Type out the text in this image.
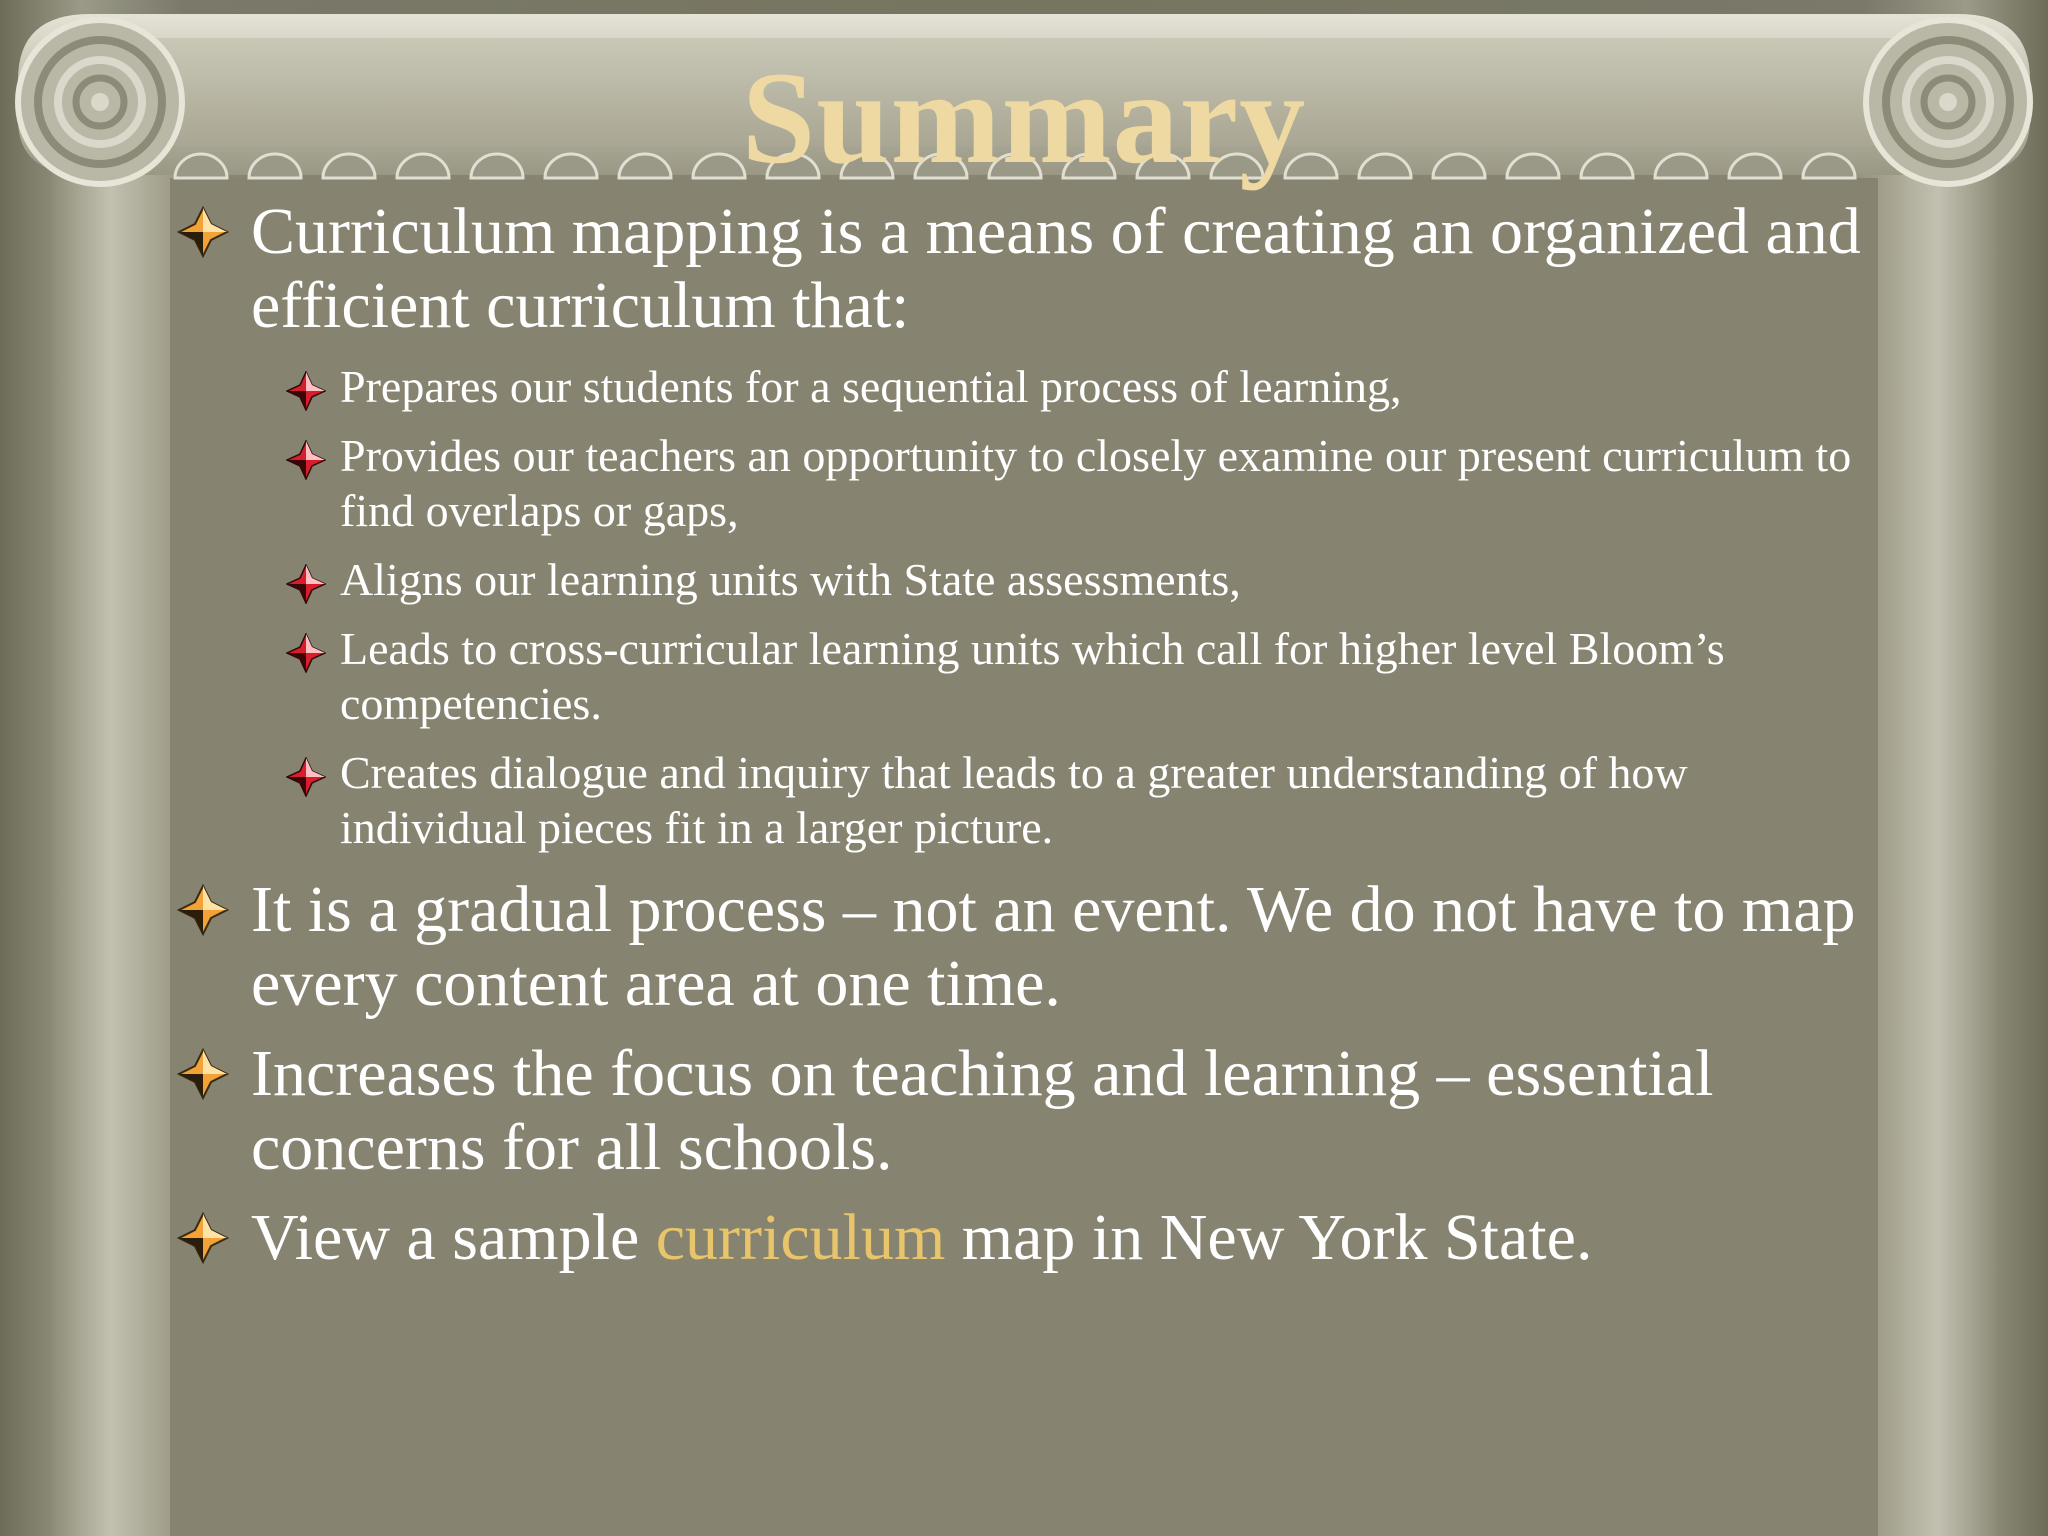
Summary
Curriculum mapping is a means of creating an organized and efficient curriculum that:
Prepares our students for a sequential process of learning,
Provides our teachers an opportunity to closely examine our present curriculum to find overlaps or gaps,
Aligns our learning units with State assessments,
Leads to cross-curricular learning units which call for higher level Bloom’s competencies.
Creates dialogue and inquiry that leads to a greater understanding of how individual pieces fit in a larger picture.
It is a gradual process – not an event. We do not have to map every content area at one time.
Increases the focus on teaching and learning – essential concerns for all schools.
View a sample curriculum map in New York State.
